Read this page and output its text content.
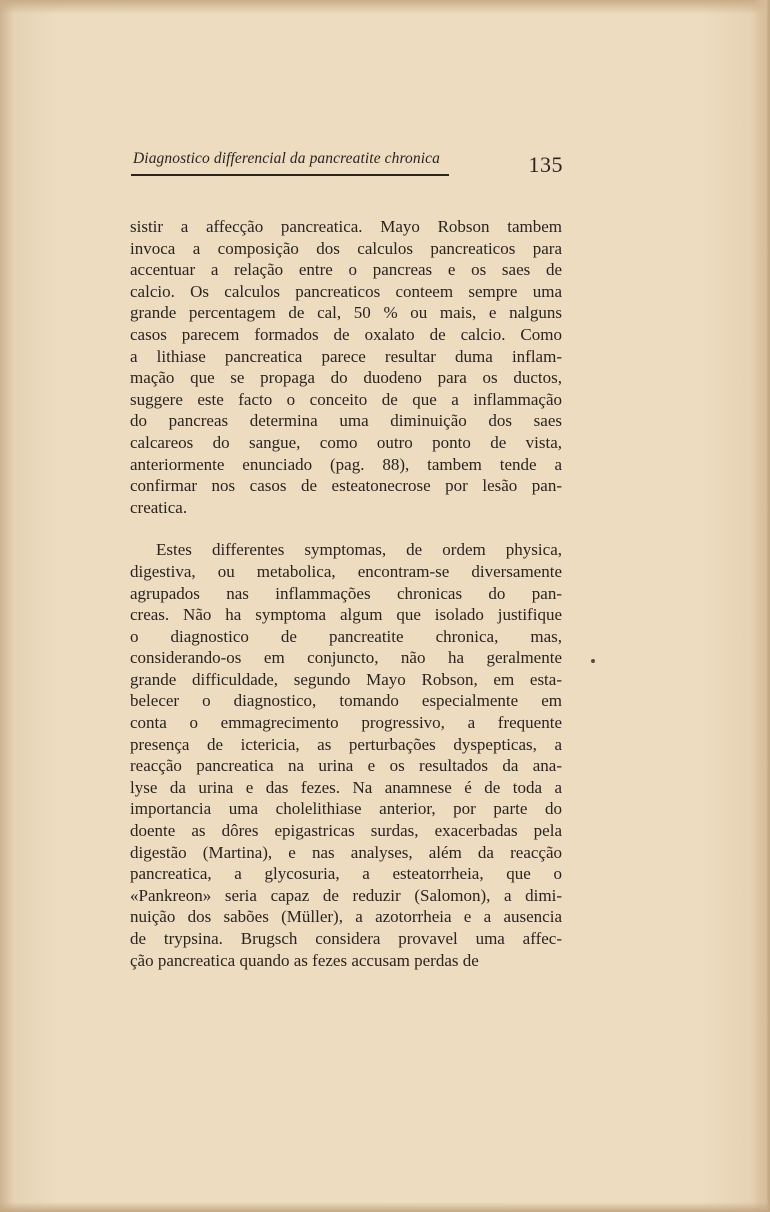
Diagnostico differencial da pancreatite chronica	135
sistir a affecção pancreatica. Mayo Robson tambem
invoca a composição dos calculos pancreaticos para
accentuar a relação entre o pancreas e os saes de
calcio. Os calculos pancreaticos conteem sempre uma
grande percentagem de cal, 50 % ou mais, e nalguns
casos parecem formados de oxalato de calcio. Como
a lithiase pancreatica parece resultar duma inflam-
mação que se propaga do duodeno para os ductos,
suggere este facto o conceito de que a inflammação
do pancreas determina uma diminuição dos saes
calcareos do sangue, como outro ponto de vista,
anteriormente enunciado (pag. 88), tambem tende a
confirmar nos casos de esteatonecrose por lesão pan-
creatica.
Estes differentes symptomas, de ordem physica,
digestiva, ou metabolica, encontram-se diversamente
agrupados nas inflammações chronicas do pan-
creas. Não ha symptoma algum que isolado justifique
o diagnostico de pancreatite chronica, mas,
considerando-os em conjuncto, não ha geralmente
grande difficuldade, segundo Mayo Robson, em esta-
belecer o diagnostico, tomando especialmente em
conta o emmagrecimento progressivo, a frequente
presença de ictericia, as perturbações dyspepticas, a
reacção pancreatica na urina e os resultados da ana-
lyse da urina e das fezes. Na anamnese é de toda a
importancia uma cholelithiase anterior, por parte do
doente as dôres epigastricas surdas, exacerbadas pela
digestão (Martina), e nas analyses, além da reacção
pancreatica, a glycosuria, a esteatorrheia, que o
«Pankreon» seria capaz de reduzir (Salomon), a dimi-
nuição dos sabões (Müller), a azotorrheia e a ausencia
de trypsina. Brugsch considera provavel uma affec-
ção pancreatica quando as fezes accusam perdas de
